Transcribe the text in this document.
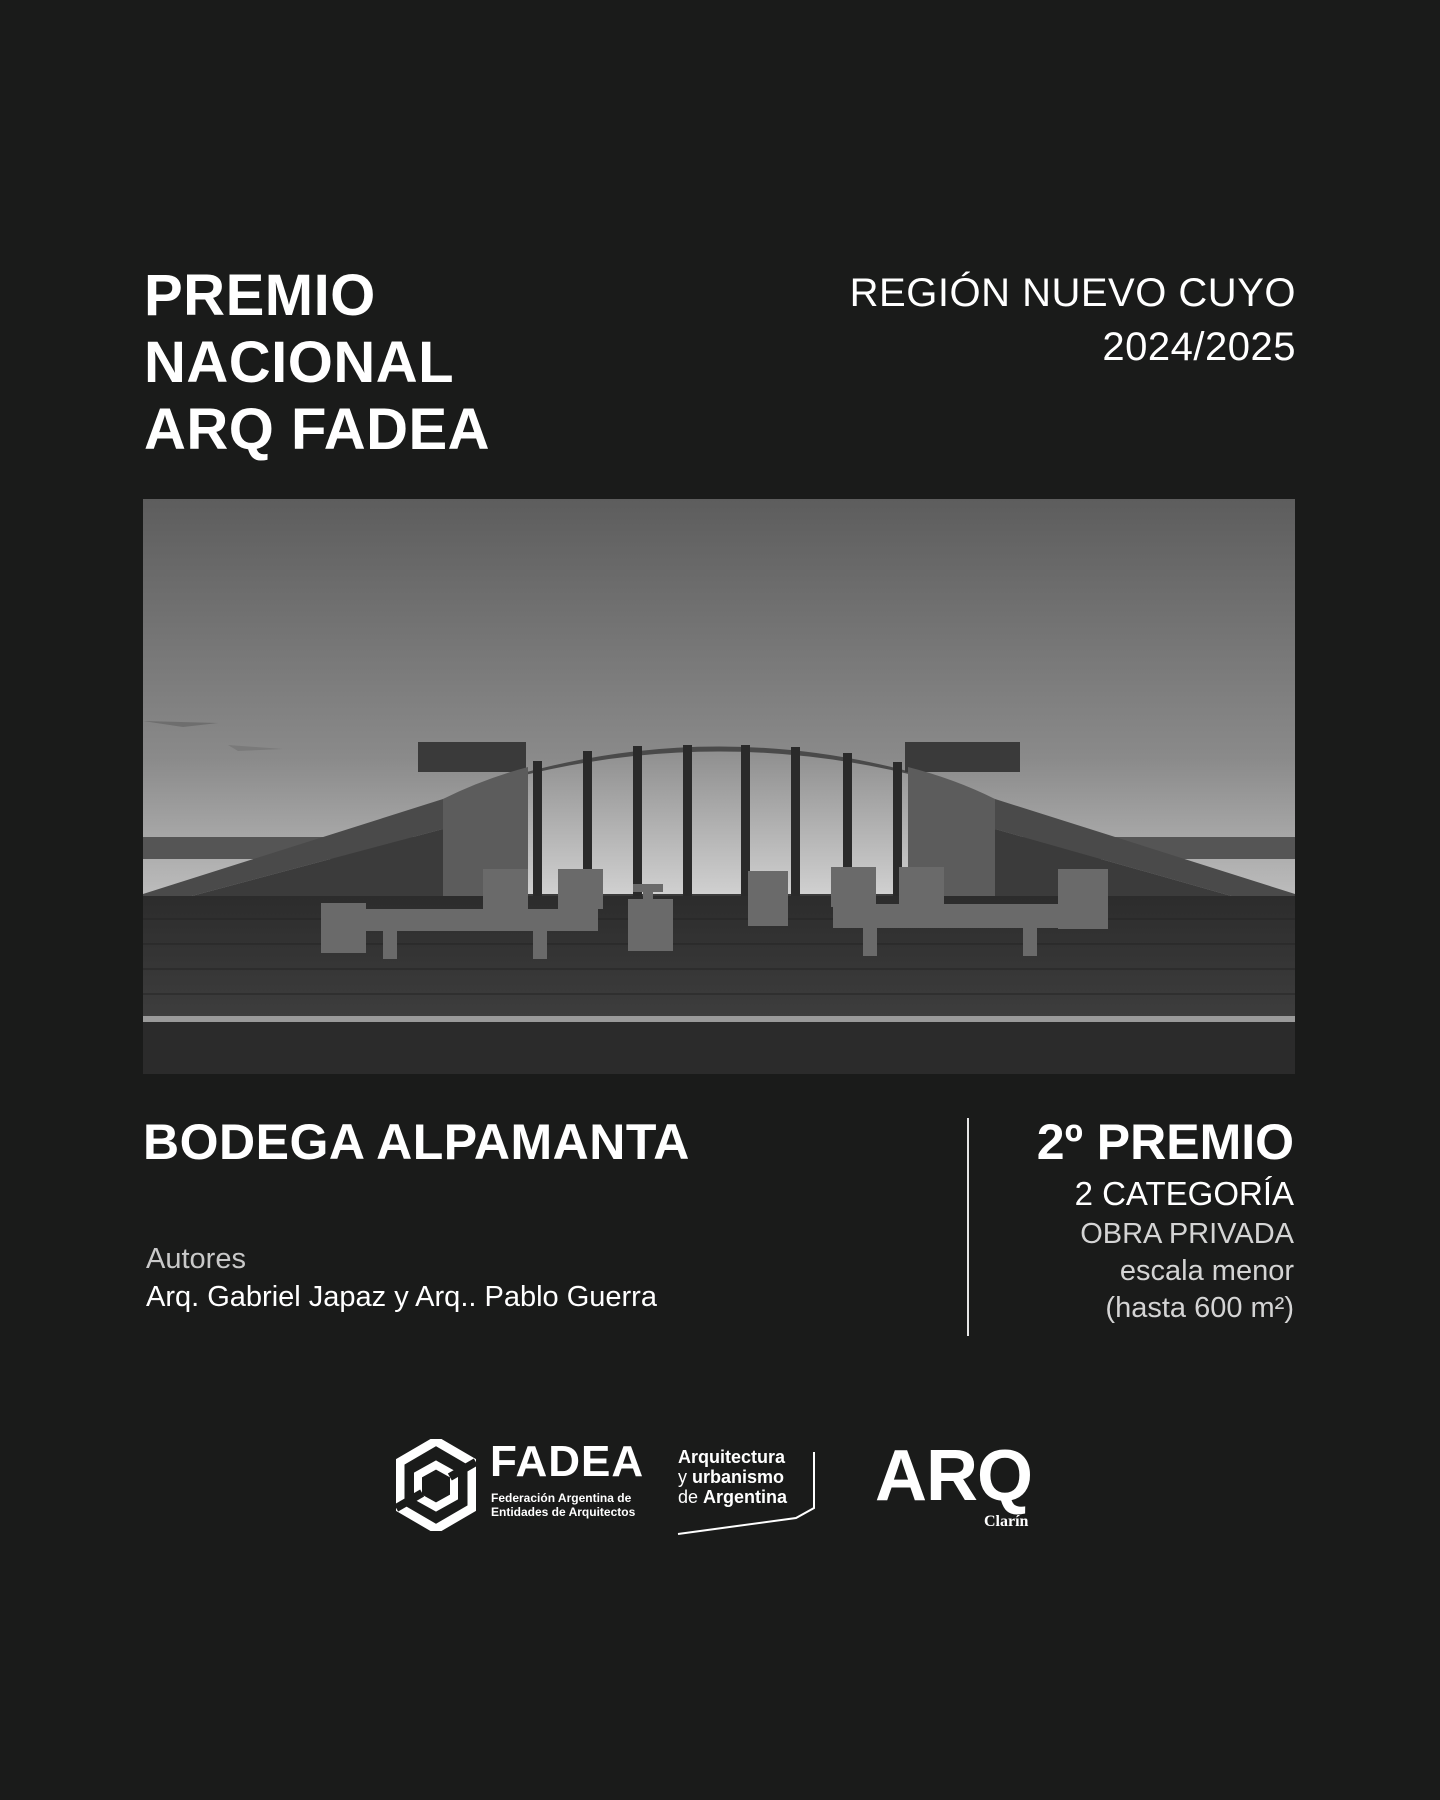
PREMIO
NACIONAL
ARQ FADEA
REGIÓN NUEVO CUYO
2024/2025
BODEGA ALPAMANTA
Autores
Arq. Gabriel Japaz y Arq.. Pablo Guerra
2º PREMIO
2 CATEGORÍA
OBRA PRIVADA
escala menor
(hasta 600 m²)
FADEA
Federación Argentina de Entidades de Arquitectos
Arquitectura
y urbanismo
de Argentina ARQ
Clarín
